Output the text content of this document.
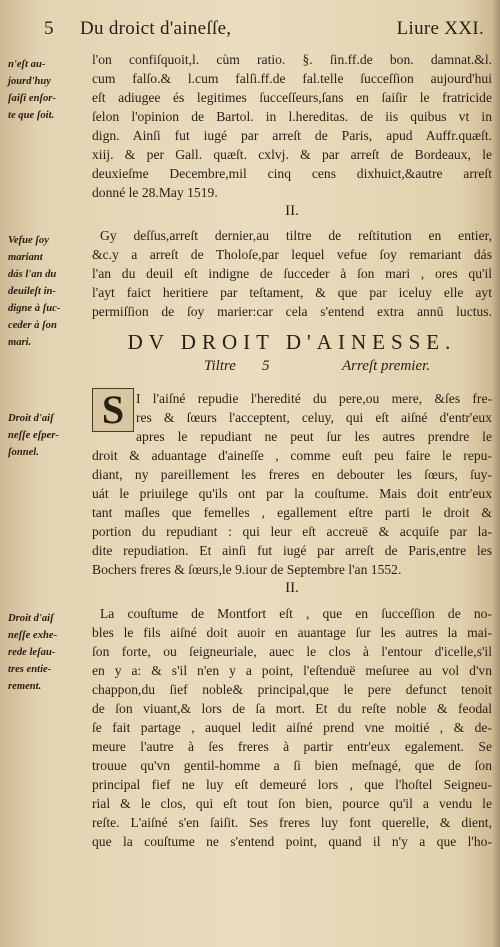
5 Du droict d'aineſſe,	Liure XXI.
n'eſt au-
jourd'huy
ſaiſi enſor-
te que ſoit.
Vefue ſoy
mariant
dás l'an du
deuileſt in-
digne à ſuc-
ceder à ſon
mari.
Droit d'aiſ
neſſe eſper-
ſonnel.
Droit d'aiſ
neſſe exhe-
rede leſau-
tres entie-
rement.
l'on confiſquoit,l. cùm ratio. §. ſin.ff.de bon. damnat.&l.
cum falſo.& l.cum falſi.ff.de fal.telle ſucceſſion aujourd'hui
eſt adiugee és legitimes ſucceſſeurs,ſans en ſaiſir le fratricide
ſelon l'opinion de Bartol. in l.hereditas. de iis quibus vt in
dign. Ainſi fut iugé par arreſt de Paris, apud Auffr.quæſt.
xiij. & per Gall. quæſt. cxlvj. & par arreſt de Bordeaux, le
deuxieſme Decembre,mil cinq cens dixhuict,&autre arreſt
donné le 28.May 1519.
II.
Gy deſſus,arreſt dernier,au tiltre de reſtitution en entier,
&c.y a arreſt de Tholoſe,par lequel vefue ſoy remariant dás
l'an du deuil eſt indigne de ſucceder à ſon mari , ores qu'il
l'ayt faict heritiere par teſtament, & que par iceluy elle ayt
permiſſion de ſoy marier:car cela s'entend extra annū luctus.
DV DROIT D'AINESSE.
Tiltre 5	Arreſt premier.
S I l'aiſné repudie l'heredité du pere,ou mere, &ſes fre-
res & ſœurs l'acceptent, celuy, qui eſt aiſné d'entr'eux
apres le repudiant ne peut ſur les autres prendre le
droit & aduantage d'aineſſe , comme euſt peu faire le repu-
diant, ny pareillement les freres en debouter les ſœurs, ſuy-
uát le priuilege qu'ils ont par la couſtume. Mais doit entr'eux
tant maſles que femelles , egallement eſtre parti le droit &
portion du repudiant : qui leur eſt accreuë & acquiſe par la-
dite repudiation. Et ainſi fut iugé par arreſt de Paris,entre les
Bochers freres & ſœurs,le 9.iour de Septembre l'an 1552.
II.
La couſtume de Montfort eſt , que en ſucceſſion de no-
bles le fils aiſné doit auoir en auantage ſur les autres la mai-
ſon forte, ou ſeigneuriale, auec le clos à l'entour d'icelle,s'il
en y a: & s'il n'en y a point, l'eſtenduë meſuree au vol d'vn
chappon,du ſief noble& principal,que le pere defunct tenoit
de ſon viuant,& lors de ſa mort. Et du reſte noble & feodal
ſe fait partage , auquel ledit aiſné prend vne moitié , & de-
meure l'autre à ſes freres à partir entr'eux egalement. Se
trouue qu'vn gentil-homme a ſi bien meſnagé, que de ſon
principal fief ne luy eſt demeuré lors , que l'hoſtel Seigneu-
rial & le clos, qui eſt tout ſon bien, pource qu'il a vendu le
reſte. L'aiſné s'en ſaiſit. Ses freres luy font querelle, & dient,
que la couſtume ne s'entend point, quand il n'y a que l'ho-
